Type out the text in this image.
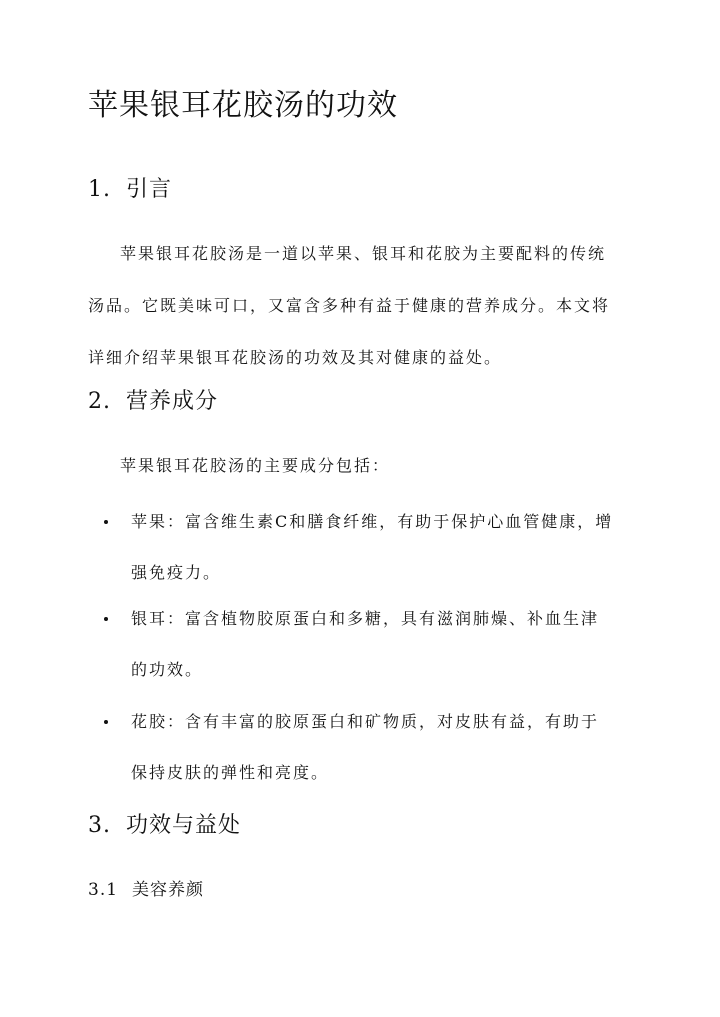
苹果银耳花胶汤的功效
1. 引言
苹果银耳花胶汤是一道以苹果、银耳和花胶为主要配料的传统
汤品。它既美味可口，又富含多种有益于健康的营养成分。本文将
详细介绍苹果银耳花胶汤的功效及其对健康的益处。
2. 营养成分
苹果银耳花胶汤的主要成分包括：
苹果：富含维生素C和膳食纤维，有助于保护心血管健康，增
强免疫力。
银耳：富含植物胶原蛋白和多糖，具有滋润肺燥、补血生津
的功效。
花胶：含有丰富的胶原蛋白和矿物质，对皮肤有益，有助于
保持皮肤的弹性和亮度。
3. 功效与益处
3.1 美容养颜
